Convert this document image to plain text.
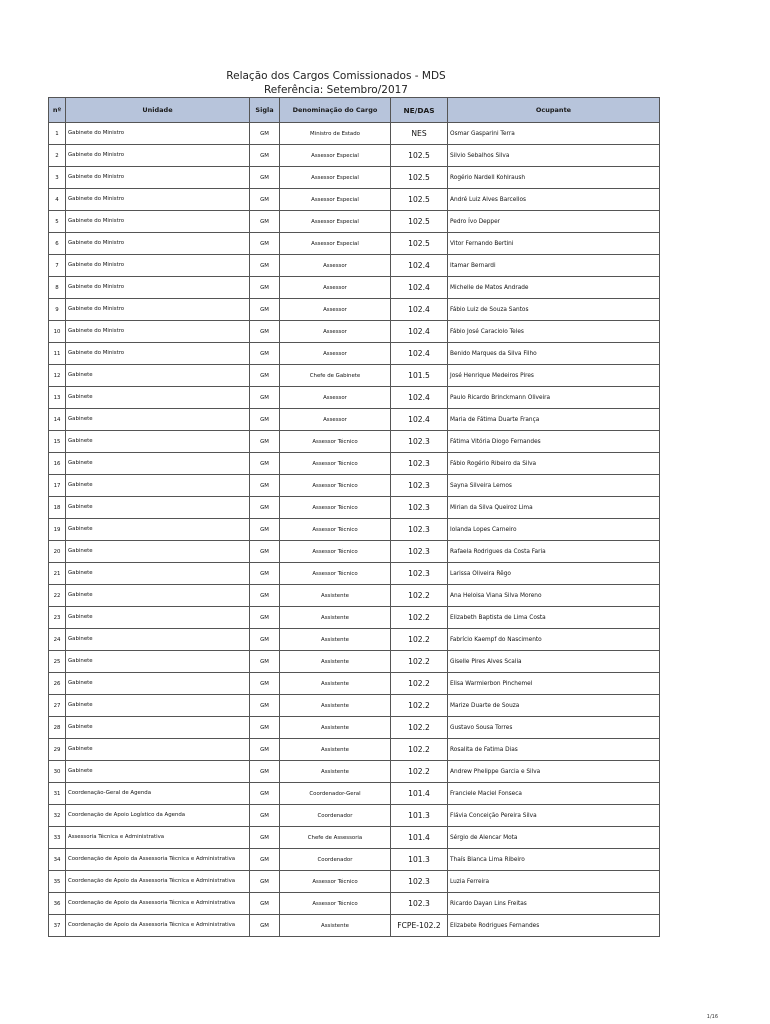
Relação dos Cargos Comissionados - MDS
Referência: Setembro/2017
nº	Unidade	Sigla	Denominação do Cargo	NE/DAS	Ocupante
1	Gabinete do Ministro	GM	Ministro de Estado	NES	Osmar Gasparini Terra
2	Gabinete do Ministro	GM	Assessor Especial	102.5	Silvio Sebalhos Silva
3	Gabinete do Ministro	GM	Assessor Especial	102.5	Rogério Nardell Kohlraush
4	Gabinete do Ministro	GM	Assessor Especial	102.5	André Luiz Alves Barcellos
5	Gabinete do Ministro	GM	Assessor Especial	102.5	Pedro Ívo Depper
6	Gabinete do Ministro	GM	Assessor Especial	102.5	Vitor Fernando Bertini
7	Gabinete do Ministro	GM	Assessor	102.4	Itamar Bernardi
8	Gabinete do Ministro	GM	Assessor	102.4	Michelle de Matos Andrade
9	Gabinete do Ministro	GM	Assessor	102.4	Fábio Luiz de Souza Santos
10	Gabinete do Ministro	GM	Assessor	102.4	Fábio José Caraciolo Teles
11	Gabinete do Ministro	GM	Assessor	102.4	Benido Marques da Silva Filho
12	Gabinete	GM	Chefe de Gabinete	101.5	José Henrique Medeiros Pires
13	Gabinete	GM	Assessor	102.4	Paulo Ricardo Brinckmann Oliveira
14	Gabinete	GM	Assessor	102.4	Maria de Fátima Duarte França
15	Gabinete	GM	Assessor Técnico	102.3	Fátima Vitória Diogo Fernandes
16	Gabinete	GM	Assessor Técnico	102.3	Fábio Rogério Ribeiro da Silva
17	Gabinete	GM	Assessor Técnico	102.3	Sayna Silveira Lemos
18	Gabinete	GM	Assessor Técnico	102.3	Mirian da Silva Queiroz Lima
19	Gabinete	GM	Assessor Técnico	102.3	Iolanda Lopes Carneiro
20	Gabinete	GM	Assessor Técnico	102.3	Rafaela Rodrigues da Costa Faria
21	Gabinete	GM	Assessor Técnico	102.3	Larissa Oliveira Rêgo
22	Gabinete	GM	Assistente	102.2	Ana Heloisa Viana Silva Moreno
23	Gabinete	GM	Assistente	102.2	Elizabeth Baptista de Lima Costa
24	Gabinete	GM	Assistente	102.2	Fabrício Kaempf do Nascimento
25	Gabinete	GM	Assistente	102.2	Giselle Pires Alves Scalia
26	Gabinete	GM	Assistente	102.2	Elisa Warmierbon Pinchemel
27	Gabinete	GM	Assistente	102.2	Marize Duarte de Souza
28	Gabinete	GM	Assistente	102.2	Gustavo Sousa Torres
29	Gabinete	GM	Assistente	102.2	Rosalita de Fatima Dias
30	Gabinete	GM	Assistente	102.2	Andrew Phelippe Garcia e Silva
31	Coordenação-Geral de Agenda	GM	Coordenador-Geral	101.4	Franciele Maciel Fonseca
32	Coordenação de Apoio Logístico da Agenda	GM	Coordenador	101.3	Flávia Conceição Pereira Silva
33	Assessoria Técnica e Administrativa	GM	Chefe de Assessoria	101.4	Sérgio de Alencar Mota
34	Coordenação de Apoio da Assessoria Técnica e Administrativa	GM	Coordenador	101.3	Thaís Bianca Lima Ribeiro
35	Coordenação de Apoio da Assessoria Técnica e Administrativa	GM	Assessor Técnico	102.3	Luzia Ferreira
36	Coordenação de Apoio da Assessoria Técnica e Administrativa	GM	Assessor Técnico	102.3	Ricardo Dayan Lins Freitas
37	Coordenação de Apoio da Assessoria Técnica e Administrativa	GM	Assistente	FCPE-102.2	Elizabete Rodrigues Fernandes
1/16
